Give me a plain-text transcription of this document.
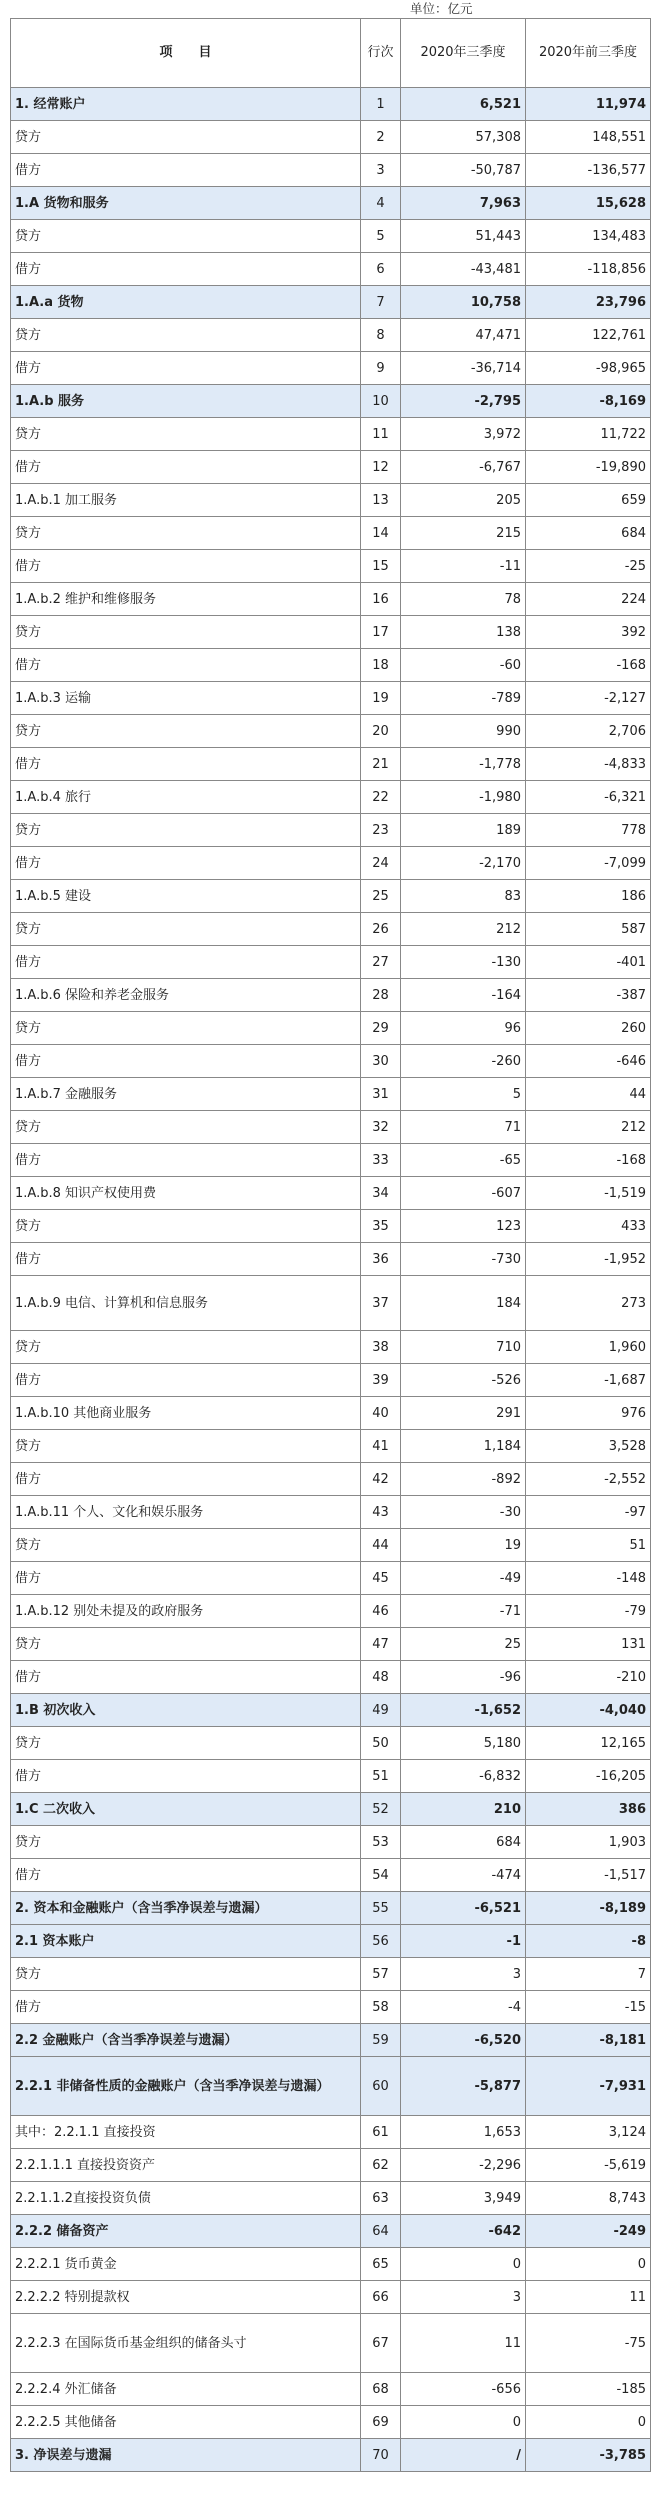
单位：亿元
项　　目	行次	2020年三季度	2020年前三季度
1. 经常账户	1	6,521	11,974
贷方	2	57,308	148,551
借方	3	-50,787	-136,577
1.A 货物和服务	4	7,963	15,628
贷方	5	51,443	134,483
借方	6	-43,481	-118,856
1.A.a 货物	7	10,758	23,796
贷方	8	47,471	122,761
借方	9	-36,714	-98,965
1.A.b 服务	10	-2,795	-8,169
贷方	11	3,972	11,722
借方	12	-6,767	-19,890
1.A.b.1 加工服务	13	205	659
贷方	14	215	684
借方	15	-11	-25
1.A.b.2 维护和维修服务	16	78	224
贷方	17	138	392
借方	18	-60	-168
1.A.b.3 运输	19	-789	-2,127
贷方	20	990	2,706
借方	21	-1,778	-4,833
1.A.b.4 旅行	22	-1,980	-6,321
贷方	23	189	778
借方	24	-2,170	-7,099
1.A.b.5 建设	25	83	186
贷方	26	212	587
借方	27	-130	-401
1.A.b.6 保险和养老金服务	28	-164	-387
贷方	29	96	260
借方	30	-260	-646
1.A.b.7 金融服务	31	5	44
贷方	32	71	212
借方	33	-65	-168
1.A.b.8 知识产权使用费	34	-607	-1,519
贷方	35	123	433
借方	36	-730	-1,952
1.A.b.9 电信、计算机和信息服务	37	184	273
贷方	38	710	1,960
借方	39	-526	-1,687
1.A.b.10 其他商业服务	40	291	976
贷方	41	1,184	3,528
借方	42	-892	-2,552
1.A.b.11 个人、文化和娱乐服务	43	-30	-97
贷方	44	19	51
借方	45	-49	-148
1.A.b.12 别处未提及的政府服务	46	-71	-79
贷方	47	25	131
借方	48	-96	-210
1.B 初次收入	49	-1,652	-4,040
贷方	50	5,180	12,165
借方	51	-6,832	-16,205
1.C 二次收入	52	210	386
贷方	53	684	1,903
借方	54	-474	-1,517
2. 资本和金融账户（含当季净误差与遗漏）	55	-6,521	-8,189
2.1 资本账户	56	-1	-8
贷方	57	3	7
借方	58	-4	-15
2.2 金融账户（含当季净误差与遗漏）	59	-6,520	-8,181
2.2.1 非储备性质的金融账户（含当季净误差与遗漏）	60	-5,877	-7,931
其中：2.2.1.1 直接投资	61	1,653	3,124
2.2.1.1.1 直接投资资产	62	-2,296	-5,619
2.2.1.1.2直接投资负债	63	3,949	8,743
2.2.2 储备资产	64	-642	-249
2.2.2.1 货币黄金	65	0	0
2.2.2.2 特别提款权	66	3	11
2.2.2.3 在国际货币基金组织的储备头寸	67	11	-75
2.2.2.4 外汇储备	68	-656	-185
2.2.2.5 其他储备	69	0	0
3. 净误差与遗漏	70	/	-3,785
